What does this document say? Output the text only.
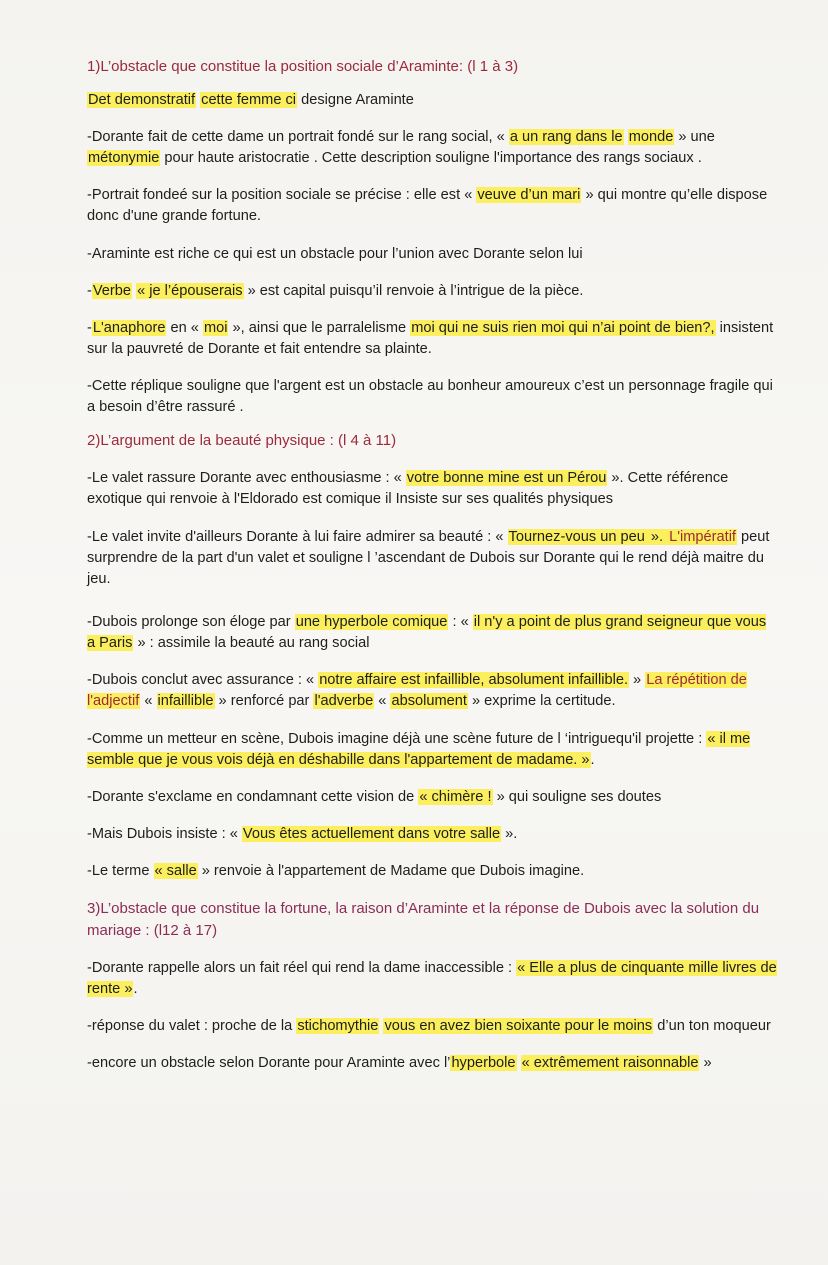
1)L’obstacle que constitue la position sociale d’Araminte: (l 1 à 3)

Det demonstratif cette femme ci designe Araminte

-Dorante fait de cette dame un portrait fondé sur le rang social, « a un rang dans le monde » une métonymie pour haute aristocratie . Cette description souligne l'importance des rangs sociaux .

-Portrait fondeé sur la position sociale se précise : elle est « veuve d’un mari » qui montre qu’elle dispose donc d'une grande fortune.

-Araminte est riche ce qui est un obstacle pour l’union avec Dorante selon lui

-Verbe « je l’épouserais » est capital puisqu’il renvoie à l’intrigue de la pièce.

-L'anaphore en « moi », ainsi que le parralelisme moi qui ne suis rien moi qui n’ai point de bien?, insistent sur la pauvreté de Dorante et fait entendre sa plainte.

-Cette réplique souligne que l'argent est un obstacle au bonheur amoureux c’est un personnage fragile qui a besoin d’être rassuré .

2)L’argument de la beauté physique : (l 4 à 11)

-Le valet rassure Dorante avec enthousiasme : « votre bonne mine est un Pérou ». Cette référence exotique qui renvoie à l'Eldorado est comique il Insiste sur ses qualités physiques

-Le valet invite d'ailleurs Dorante à lui faire admirer sa beauté : « Tournez-vous un peu ». L'impératif peut surprendre de la part d'un valet et souligne l ’ascendant de Dubois sur Dorante qui le rend déjà maitre du jeu.

-Dubois prolonge son éloge par une hyperbole comique : « il n'y a point de plus grand seigneur que vous a Paris » : assimile la beauté au rang social

-Dubois conclut avec assurance : « notre affaire est infaillible, absolument infaillible. » La répétition de l'adjectif « infaillible » renforcé par l'adverbe « absolument » exprime la certitude.

-Comme un metteur en scène, Dubois imagine déjà une scène future de l ‘intriguequ'il projette : « il me semble que je vous vois déjà en déshabille dans l'appartement de madame. ».

-Dorante s'exclame en condamnant cette vision de « chimère ! » qui souligne ses doutes

-Mais Dubois insiste : « Vous êtes actuellement dans votre salle ».

-Le terme « salle » renvoie à l'appartement de Madame que Dubois imagine.

3)L’obstacle que constitue la fortune, la raison d’Araminte et la réponse de Dubois avec la solution du mariage : (l12 à 17)

-Dorante rappelle alors un fait réel qui rend la dame inaccessible : « Elle a plus de cinquante mille livres de rente ».

-réponse du valet : proche de la stichomythie vous en avez bien soixante pour le moins d’un ton moqueur

-encore un obstacle selon Dorante pour Araminte avec l’hyperbole « extrêmement raisonnable »
